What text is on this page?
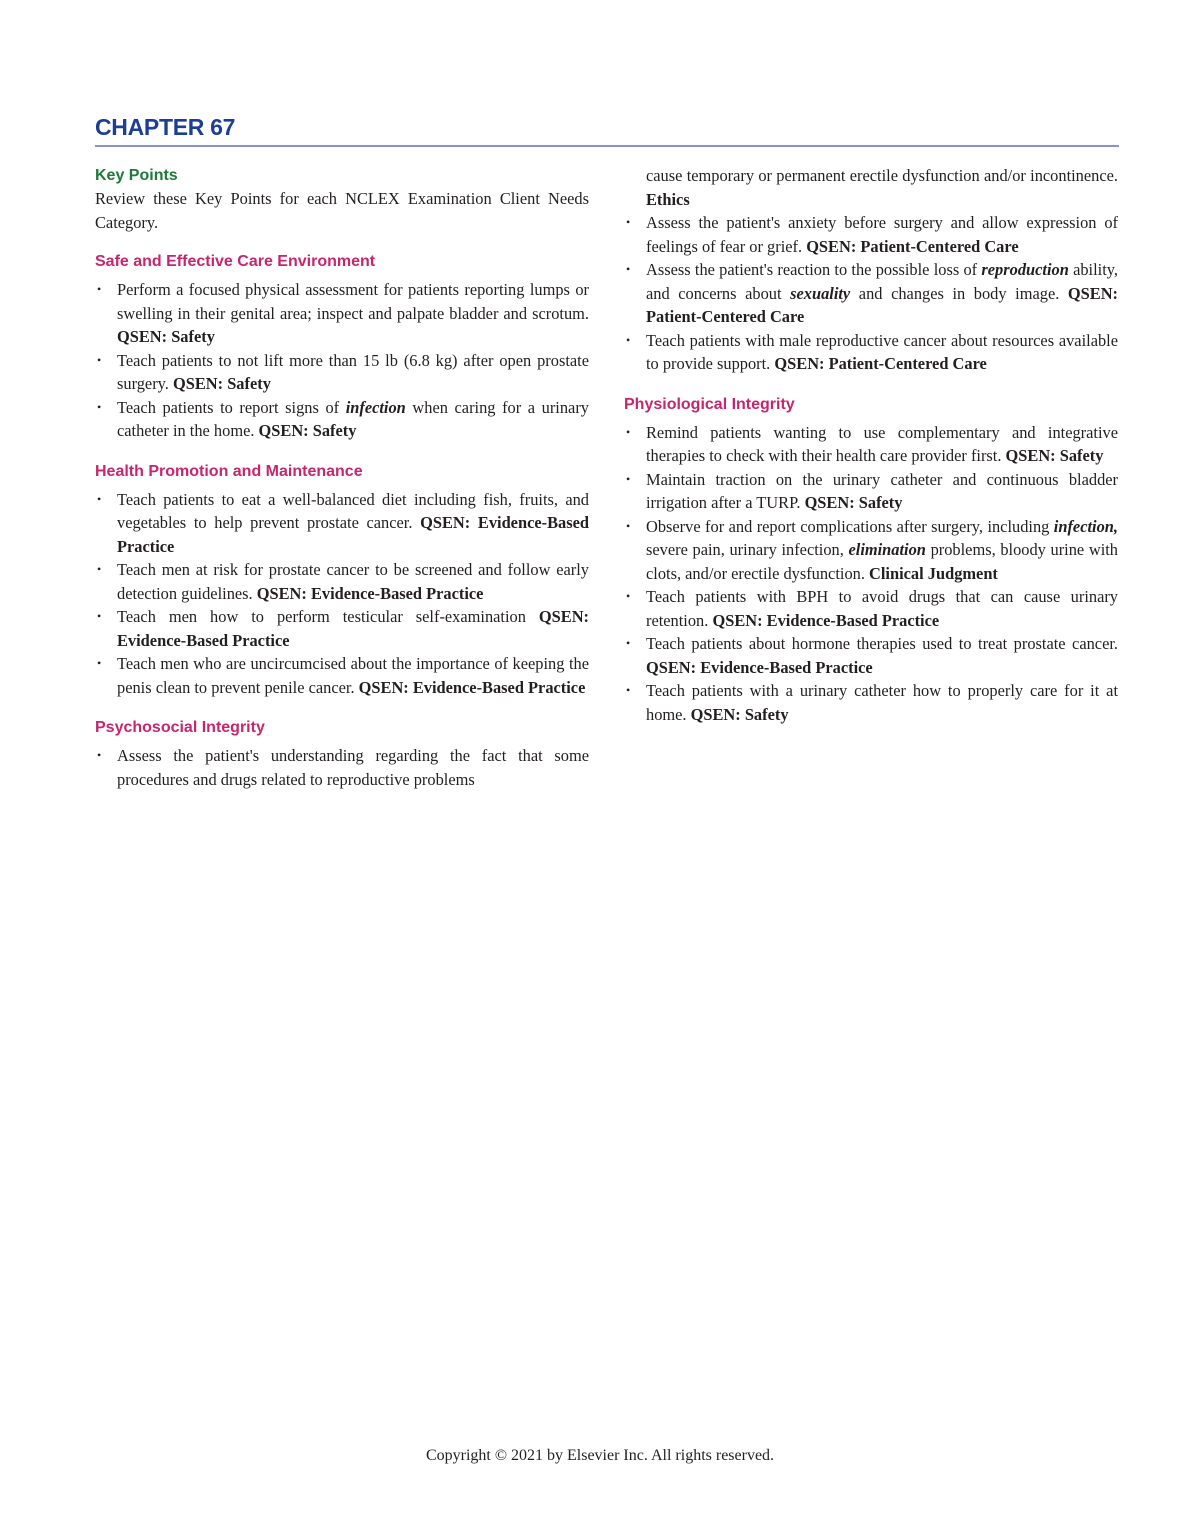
CHAPTER 67
Key Points

Review these Key Points for each NCLEX Examination Client Needs Category.

Safe and Effective Care Environment
• Perform a focused physical assessment for patients reporting lumps or swelling in their genital area; inspect and palpate bladder and scrotum. QSEN: Safety
• Teach patients to not lift more than 15 lb (6.8 kg) after open prostate surgery. QSEN: Safety
• Teach patients to report signs of infection when caring for a urinary catheter in the home. QSEN: Safety
Health Promotion and Maintenance
• Teach patients to eat a well-balanced diet including fish, fruits, and vegetables to help prevent prostate cancer. QSEN: Evidence-Based Practice
• Teach men at risk for prostate cancer to be screened and follow early detection guidelines. QSEN: Evidence-Based Practice
• Teach men how to perform testicular self-examination QSEN: Evidence-Based Practice
• Teach men who are uncircumcised about the importance of keeping the penis clean to prevent penile cancer. QSEN: Evidence-Based Practice
Psychosocial Integrity
• Assess the patient's understanding regarding the fact that some procedures and drugs related to reproductive problems
cause temporary or permanent erectile dysfunction and/or incontinence. Ethics
• Assess the patient's anxiety before surgery and allow expression of feelings of fear or grief. QSEN: Patient-Centered Care
• Assess the patient's reaction to the possible loss of reproduction ability, and concerns about sexuality and changes in body image. QSEN: Patient-Centered Care
• Teach patients with male reproductive cancer about resources available to provide support. QSEN: Patient-Centered Care
Physiological Integrity
• Remind patients wanting to use complementary and integrative therapies to check with their health care provider first. QSEN: Safety
• Maintain traction on the urinary catheter and continuous bladder irrigation after a TURP. QSEN: Safety
• Observe for and report complications after surgery, including infection, severe pain, urinary infection, elimination problems, bloody urine with clots, and/or erectile dysfunction. Clinical Judgment
• Teach patients with BPH to avoid drugs that can cause urinary retention. QSEN: Evidence-Based Practice
• Teach patients about hormone therapies used to treat prostate cancer. QSEN: Evidence-Based Practice
• Teach patients with a urinary catheter how to properly care for it at home. QSEN: Safety
Copyright © 2021 by Elsevier Inc. All rights reserved.
